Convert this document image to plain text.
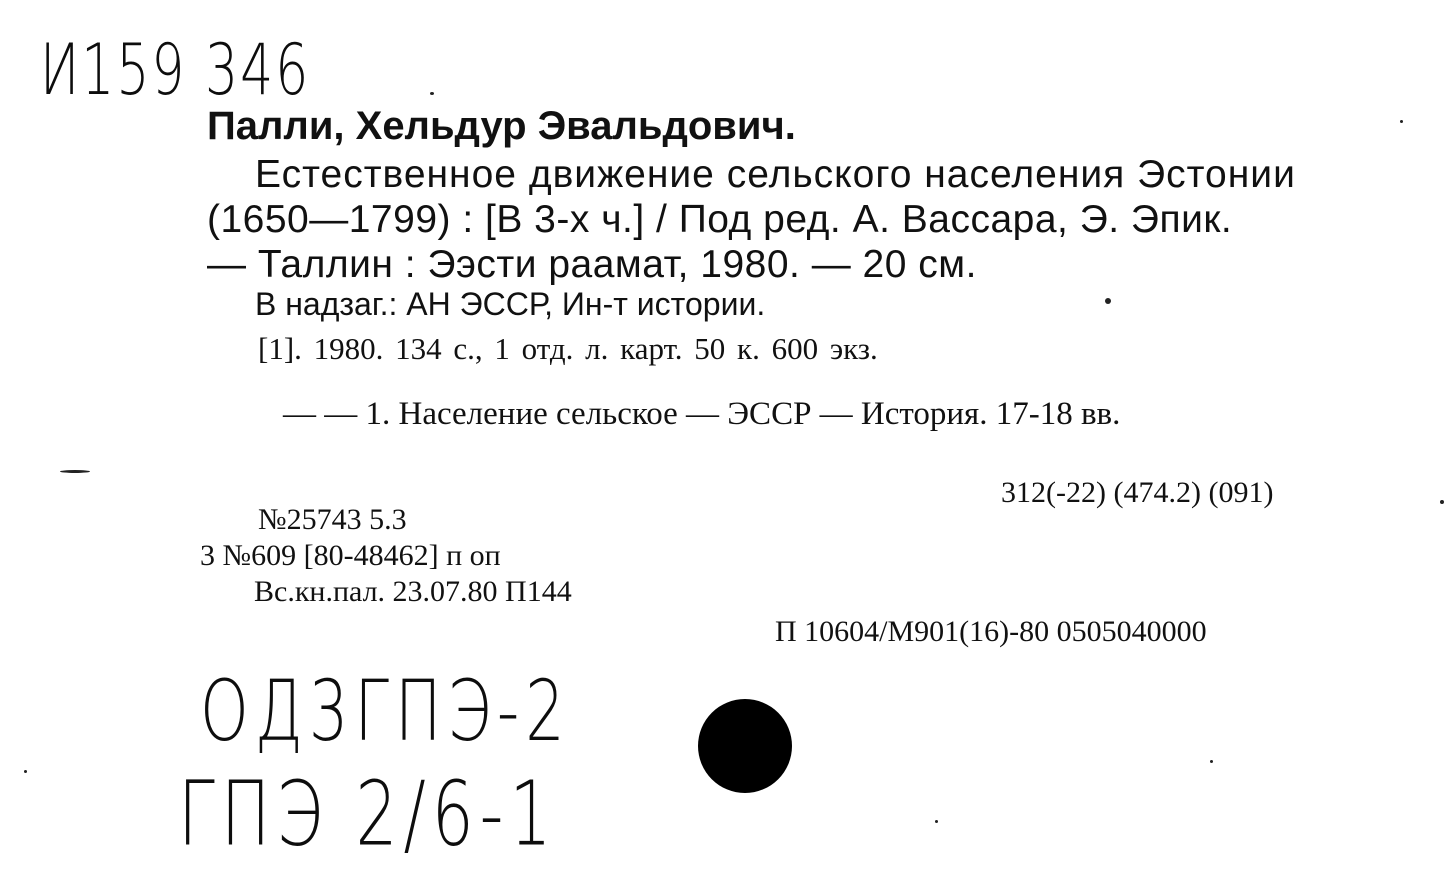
И159 346
Палли, Хельдур Эвальдович.
Естественное движение сельского населения Эстонии
(1650—1799) : [В 3-х ч.] / Под ред. А. Вассара, Э. Эпик.
— Таллин : Ээсти раамат, 1980. — 20 см.
В надзаг.: АН ЭССР, Ин-т истории.
[1]. 1980. 134 с., 1 отд. л. карт. 50 к. 600 экз.
— — 1. Население сельское — ЭССР — История. 17-18 вв.
312(-22) (474.2) (091)
№25743 5.3
3 №609 [80-48462] п оп
Вс.кн.пал. 23.07.80 П144
П 10604/М901(16)-80 0505040000
ОД3ГПЭ-2
ГПЭ 2/6-1
